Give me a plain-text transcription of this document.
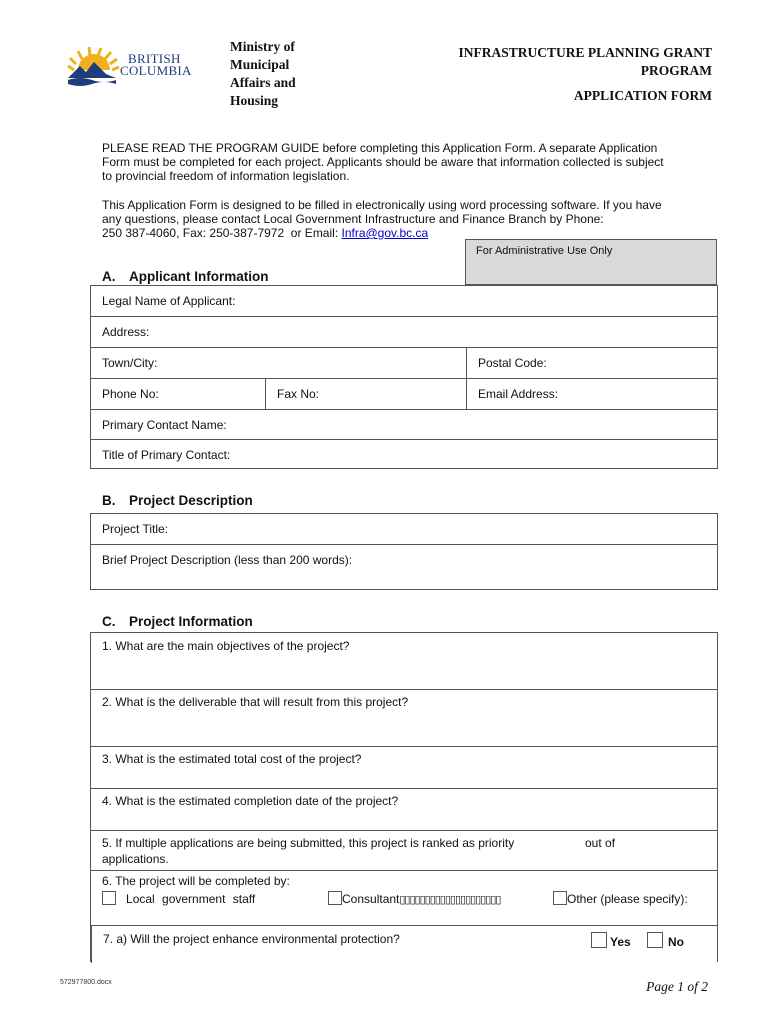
BRITISH
COLUMBIA
Ministry of
Municipal
Affairs and
Housing
INFRASTRUCTURE PLANNING GRANT
PROGRAM
APPLICATION FORM
PLEASE READ THE PROGRAM GUIDE before completing this Application Form. A separate Application
Form must be completed for each project. Applicants should be aware that information collected is subject
to provincial freedom of information legislation.
This Application Form is designed to be filled in electronically using word processing software. If you have
any questions, please contact Local Government Infrastructure and Finance Branch by Phone:
250 387-4060, Fax: 250-387-7972  or Email: Infra@gov.bc.ca
For Administrative Use Only
A. Applicant Information
Legal Name of Applicant:
Address:
Town/City:	Postal Code:
Phone No:	Fax No:	Email Address:
Primary Contact Name:
Title of Primary Contact:
B. Project Description
Project Title:
Brief Project Description (less than 200 words):
C. Project Information
1. What are the main objectives of the project?
2. What is the deliverable that will result from this project?
3. What is the estimated total cost of the project?
4. What is the estimated completion date of the project?
5. If multiple applications are being submitted, this project is ranked as priority	out of
applications.
6. The project will be completed by:
Local government staff	Consultant▯▯▯▯▯▯▯▯▯▯▯▯▯▯▯▯▯▯▯▯	Other (please specify):
7. a) Will the project enhance environmental protection?	Yes	No
572977800.docx	Page 1 of 2
